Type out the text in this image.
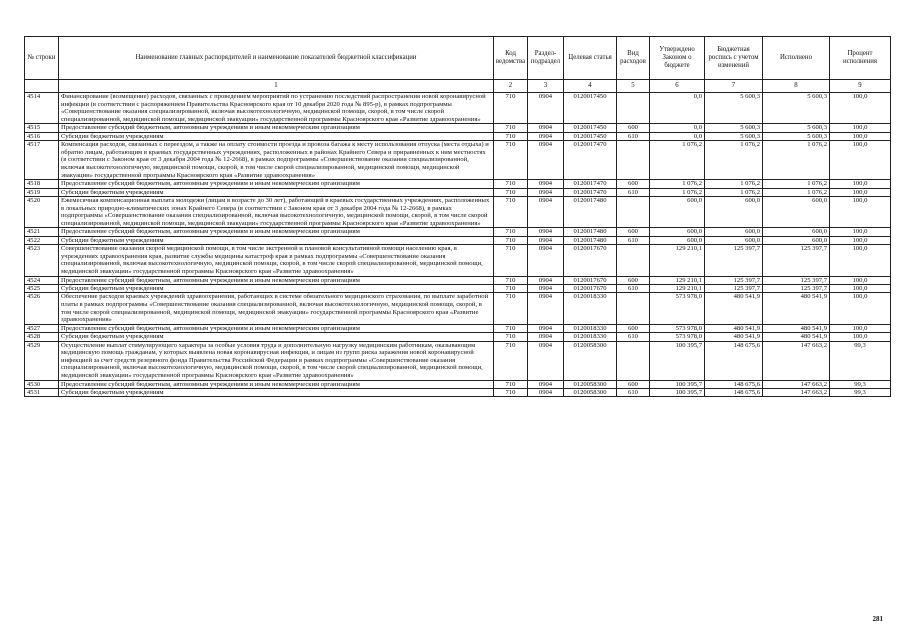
№ строки	Наименование главных распорядителей и наименование показателей бюджетной классификации	Код ведомства	Раздел-подраздел	Целевая статья	Вид расходов	Утверждено Законом о бюджете	Бюджетная роспись с учетом изменений	Исполнено	Процент исполнения
	1	2	3	4	5	6	7	8	9
4514	Финансирование (возмещение) расходов, связанных с проведением мероприятий по устранению последствий распространения новой коронавирусной инфекции (в соответствии с распоряжением Правительства Красноярского края от 10 декабря 2020 года № 895-р), в рамках подпрограммы «Совершенствование оказания специализированной, включая высокотехнологичную, медицинской помощи, скорой, в том числе скорой специализированной, медицинской помощи, медицинской эвакуации» государственной программы Красноярского края «Развитие здравоохранения»	710	0904	0120017450		0,0	5 600,3	5 600,3	100,0
4515	Предоставление субсидий бюджетным, автономным учреждениям и иным некоммерческим организациям	710	0904	0120017450	600	0,0	5 600,3	5 600,3	100,0
4516	Субсидии бюджетным учреждениям	710	0904	0120017450	610	0,0	5 600,3	5 600,3	100,0
4517	Компенсация расходов, связанных с переездом, а также на оплату стоимости проезда и провоза багажа к месту использования отпуска (места отдыха) и обратно лицам, работающим в краевых государственных учреждениях, расположенных в районах Крайнего Севера и приравненных к ним местностях (в соответствии с Законом края от 3 декабря 2004 года № 12-2668), в рамках подпрограммы «Совершенствование оказания специализированной, включая высокотехнологичную, медицинской помощи, скорой, в том числе скорой специализированной, медицинской помощи, медицинской эвакуации» государственной программы Красноярского края «Развитие здравоохранения»	710	0904	0120017470		1 076,2	1 076,2	1 076,2	100,0
4518	Предоставление субсидий бюджетным, автономным учреждениям и иным некоммерческим организациям	710	0904	0120017470	600	1 076,2	1 076,2	1 076,2	100,0
4519	Субсидии бюджетным учреждениям	710	0904	0120017470	610	1 076,2	1 076,2	1 076,2	100,0
4520	Ежемесячная компенсационная выплата молодежи (лицам в возрасте до 30 лет), работающей в краевых государственных учреждениях, расположенных в локальных природно-климатических зонах Крайнего Севера (в соответствии с Законом края от 3 декабря 2004 года № 12-2668), в рамках подпрограммы «Совершенствование оказания специализированной, включая высокотехнологичную, медицинской помощи, скорой, в том числе скорой специализированной, медицинской помощи, медицинской эвакуации» государственной программы Красноярского края «Развитие здравоохранения»	710	0904	0120017480		600,0	600,0	600,0	100,0
4521	Предоставление субсидий бюджетным, автономным учреждениям и иным некоммерческим организациям	710	0904	0120017480	600	600,0	600,0	600,0	100,0
4522	Субсидии бюджетным учреждениям	710	0904	0120017480	610	600,0	600,0	600,0	100,0
4523	Совершенствование оказания скорой медицинской помощи, в том числе экстренной и плановой консультативной помощи населению края, в учреждениях здравоохранения края, развитие службы медицины катастроф края в рамках подпрограммы «Совершенствование оказания специализированной, включая высокотехнологичную, медицинской помощи, скорой, в том числе скорой специализированной, медицинской помощи, медицинской эвакуации» государственной программы Красноярского края «Развитие здравоохранения»	710	0904	0120017670		129 210,1	125 397,7	125 397,7	100,0
4524	Предоставление субсидий бюджетным, автономным учреждениям и иным некоммерческим организациям	710	0904	0120017670	600	129 210,1	125 397,7	125 397,7	100,0
4525	Субсидии бюджетным учреждениям	710	0904	0120017670	610	129 210,1	125 397,7	125 397,7	100,0
4526	Обеспечение расходов краевых учреждений здравоохранения, работающих в системе обязательного медицинского страхования, по выплате заработной платы в рамках подпрограммы «Совершенствование оказания специализированной, включая высокотехнологичную, медицинской помощи, скорой, в том числе скорой специализированной, медицинской помощи, медицинской эвакуации» государственной программы Красноярского края «Развитие здравоохранения»	710	0904	0120018330		573 978,0	480 541,9	480 541,9	100,0
4527	Предоставление субсидий бюджетным, автономным учреждениям и иным некоммерческим организациям	710	0904	0120018330	600	573 978,0	480 541,9	480 541,9	100,0
4528	Субсидии бюджетным учреждениям	710	0904	0120018330	610	573 978,0	480 541,9	480 541,9	100,0
4529	Осуществление выплат стимулирующего характера за особые условия труда и дополнительную нагрузку медицинским работникам, оказывающим медицинскую помощь гражданам, у которых выявлена новая коронавирусная инфекция, и лицам из групп риска заражения новой коронавирусной инфекцией за счет средств резервного фонда Правительства Российской Федерации в рамках подпрограммы «Совершенствование оказания специализированной, включая высокотехнологичную, медицинской помощи, скорой, в том числе скорой специализированной, медицинской помощи, медицинской эвакуации» государственной программы Красноярского края «Развитие здравоохранения»	710	0904	0120058300		100 395,7	148 675,6	147 663,2	99,3
4530	Предоставление субсидий бюджетным, автономным учреждениям и иным некоммерческим организациям	710	0904	0120058300	600	100 395,7	148 675,6	147 663,2	99,3
4531	Субсидии бюджетным учреждениям	710	0904	0120058300	610	100 395,7	148 675,6	147 663,2	99,3
281
